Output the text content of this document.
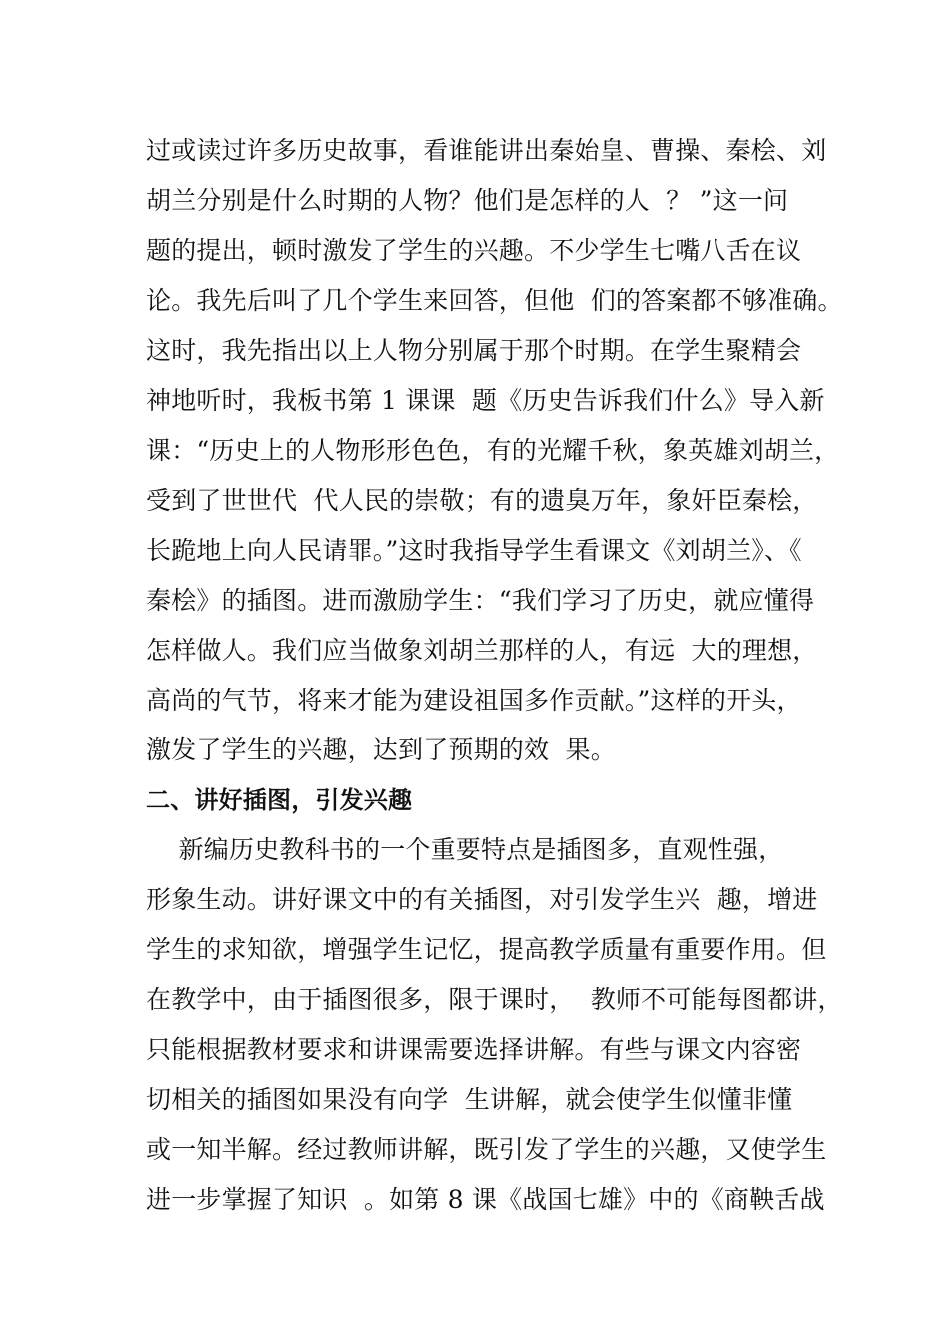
过或读过许多历史故事，看谁能讲出秦始皇、曹操、秦桧、刘
胡兰分别是什么时期的人物？他们是怎样的人  ？ ”这一问
题的提出，顿时激发了学生的兴趣。不少学生七嘴八舌在议
论。我先后叫了几个学生来回答，但他  们的答案都不够准确。
这时，我先指出以上人物分别属于那个时期。在学生聚精会
神地听时，我板书第 1 课课  题《历史告诉我们什么》导入新
课：“历史上的人物形形色色，有的光耀千秋，象英雄刘胡兰，
受到了世世代  代人民的崇敬；有的遗臭万年，象奸臣秦桧，
长跪地上向人民请罪。”这时我指导学生看课文《刘胡兰》、《
秦桧》的插图。进而激励学生：“我们学习了历史，就应懂得
怎样做人。我们应当做象刘胡兰那样的人，有远  大的理想，
高尚的气节，将来才能为建设祖国多作贡献。”这样的开头，
激发了学生的兴趣，达到了预期的效  果。
二、讲好插图，引发兴趣
新编历史教科书的一个重要特点是插图多，直观性强，
形象生动。讲好课文中的有关插图，对引发学生兴  趣，增进
学生的求知欲，增强学生记忆，提高教学质量有重要作用。但
在教学中，由于插图很多，限于课时，  教师不可能每图都讲，
只能根据教材要求和讲课需要选择讲解。有些与课文内容密
切相关的插图如果没有向学  生讲解，就会使学生似懂非懂
或一知半解。经过教师讲解，既引发了学生的兴趣，又使学生
进一步掌握了知识  。如第 8 课《战国七雄》中的《商鞅舌战
